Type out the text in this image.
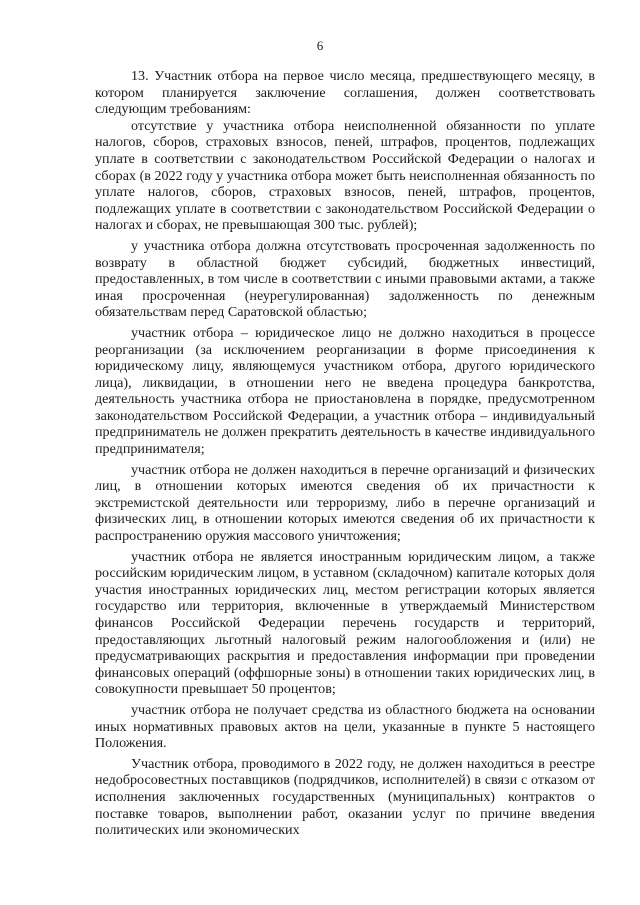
6

13. Участник отбора на первое число месяца, предшествующего месяцу, в котором планируется заключение соглашения, должен соответствовать следующим требованиям:

отсутствие у участника отбора неисполненной обязанности по уплате налогов, сборов, страховых взносов, пеней, штрафов, процентов, подлежащих уплате в соответствии с законодательством Российской Федерации о налогах и сборах (в 2022 году у участника отбора может быть неисполненная обязанность по уплате налогов, сборов, страховых взносов, пеней, штрафов, процентов, подлежащих уплате в соответствии с законодательством Российской Федерации о налогах и сборах, не превышающая 300 тыс. рублей);

у участника отбора должна отсутствовать просроченная задолженность по возврату в областной бюджет субсидий, бюджетных инвестиций, предоставленных, в том числе в соответствии с иными правовыми актами, а также иная просроченная (неурегулированная) задолженность по денежным обязательствам перед Саратовской областью;

участник отбора – юридическое лицо не должно находиться в процессе реорганизации (за исключением реорганизации в форме присоединения к юридическому лицу, являющемуся участником отбора, другого юридического лица), ликвидации, в отношении него не введена процедура банкротства, деятельность участника отбора не приостановлена в порядке, предусмотренном законодательством Российской Федерации, а участник отбора – индивидуальный предприниматель не должен прекратить деятельность в качестве индивидуального предпринимателя;

участник отбора не должен находиться в перечне организаций и физических лиц, в отношении которых имеются сведения об их причастности к экстремистской деятельности или терроризму, либо в перечне организаций и физических лиц, в отношении которых имеются сведения об их причастности к распространению оружия массового уничтожения;

участник отбора не является иностранным юридическим лицом, а также российским юридическим лицом, в уставном (складочном) капитале которых доля участия иностранных юридических лиц, местом регистрации которых является государство или территория, включенные в утверждаемый Министерством финансов Российской Федерации перечень государств и территорий, предоставляющих льготный налоговый режим налогообложения и (или) не предусматривающих раскрытия и предоставления информации при проведении финансовых операций (оффшорные зоны) в отношении таких юридических лиц, в совокупности превышает 50 процентов;

участник отбора не получает средства из областного бюджета на основании иных нормативных правовых актов на цели, указанные в пункте 5 настоящего Положения.

Участник отбора, проводимого в 2022 году, не должен находиться в реестре недобросовестных поставщиков (подрядчиков, исполнителей) в связи с отказом от исполнения заключенных государственных (муниципальных) контрактов о поставке товаров, выполнении работ, оказании услуг по причине введения политических или экономических
